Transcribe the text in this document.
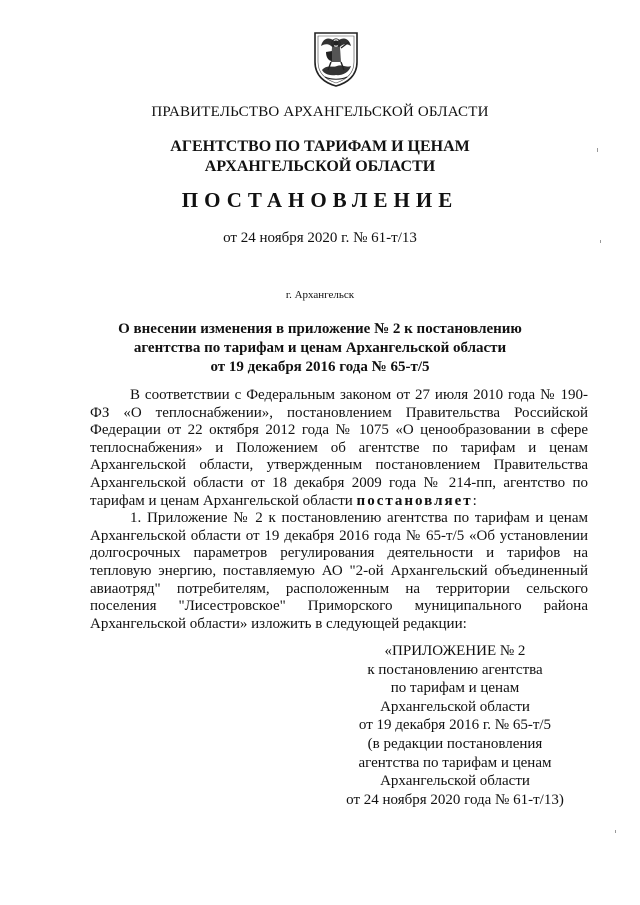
ПРАВИТЕЛЬСТВО АРХАНГЕЛЬСКОЙ ОБЛАСТИ
АГЕНТСТВО ПО ТАРИФАМ И ЦЕНАМ
АРХАНГЕЛЬСКОЙ ОБЛАСТИ
ПОСТАНОВЛЕНИЕ
от 24 ноября 2020 г. № 61-т/13
г. Архангельск
О внесении изменения в приложение № 2 к постановлению
агентства по тарифам и ценам Архангельской области
от 19 декабря 2016 года № 65-т/5

В соответствии с Федеральным законом от 27 июля 2010 года № 190-ФЗ «О теплоснабжении», постановлением Правительства Российской Федерации от 22 октября 2012 года № 1075 «О ценообразовании в сфере теплоснабжения» и Положением об агентстве по тарифам и ценам Архангельской области, утвержденным постановлением Правительства Архангельской области от 18 декабря 2009 года № 214-пп, агентство по тарифам и ценам Архангельской области постановляет:

1. Приложение № 2 к постановлению агентства по тарифам и ценам Архангельской области от 19 декабря 2016 года № 65-т/5 «Об установлении долгосрочных параметров регулирования деятельности и тарифов на тепловую энергию, поставляемую АО "2-ой Архангельский объединенный авиаотряд" потребителям, расположенным на территории сельского поселения "Лисестровское" Приморского муниципального района Архангельской области» изложить в следующей редакции:

«ПРИЛОЖЕНИЕ № 2
к постановлению агентства
по тарифам и ценам
Архангельской области
от 19 декабря 2016 г. № 65-т/5
(в редакции постановления
агентства по тарифам и ценам
Архангельской области
от 24 ноября 2020 года № 61-т/13)
